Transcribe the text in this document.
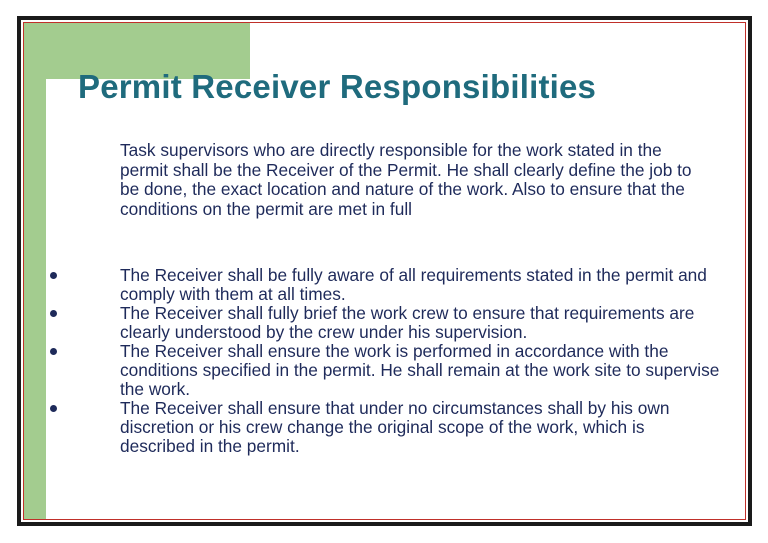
Permit Receiver Responsibilities

Task supervisors who are directly responsible for the work stated in the permit shall be the Receiver of the Permit. He shall clearly define the job to be done, the exact location and nature of the work. Also to ensure that the conditions on the permit are met in full

The Receiver shall be fully aware of all requirements stated in the permit and comply with them at all times.
The Receiver shall fully brief the work crew to ensure that requirements are clearly understood by the crew under his supervision.
The Receiver shall ensure the work is performed in accordance with the conditions specified in the permit. He shall remain at the work site to supervise the work.
The Receiver shall ensure that under no circumstances shall by his own discretion or his crew change the original scope of the work, which is described in the permit.
